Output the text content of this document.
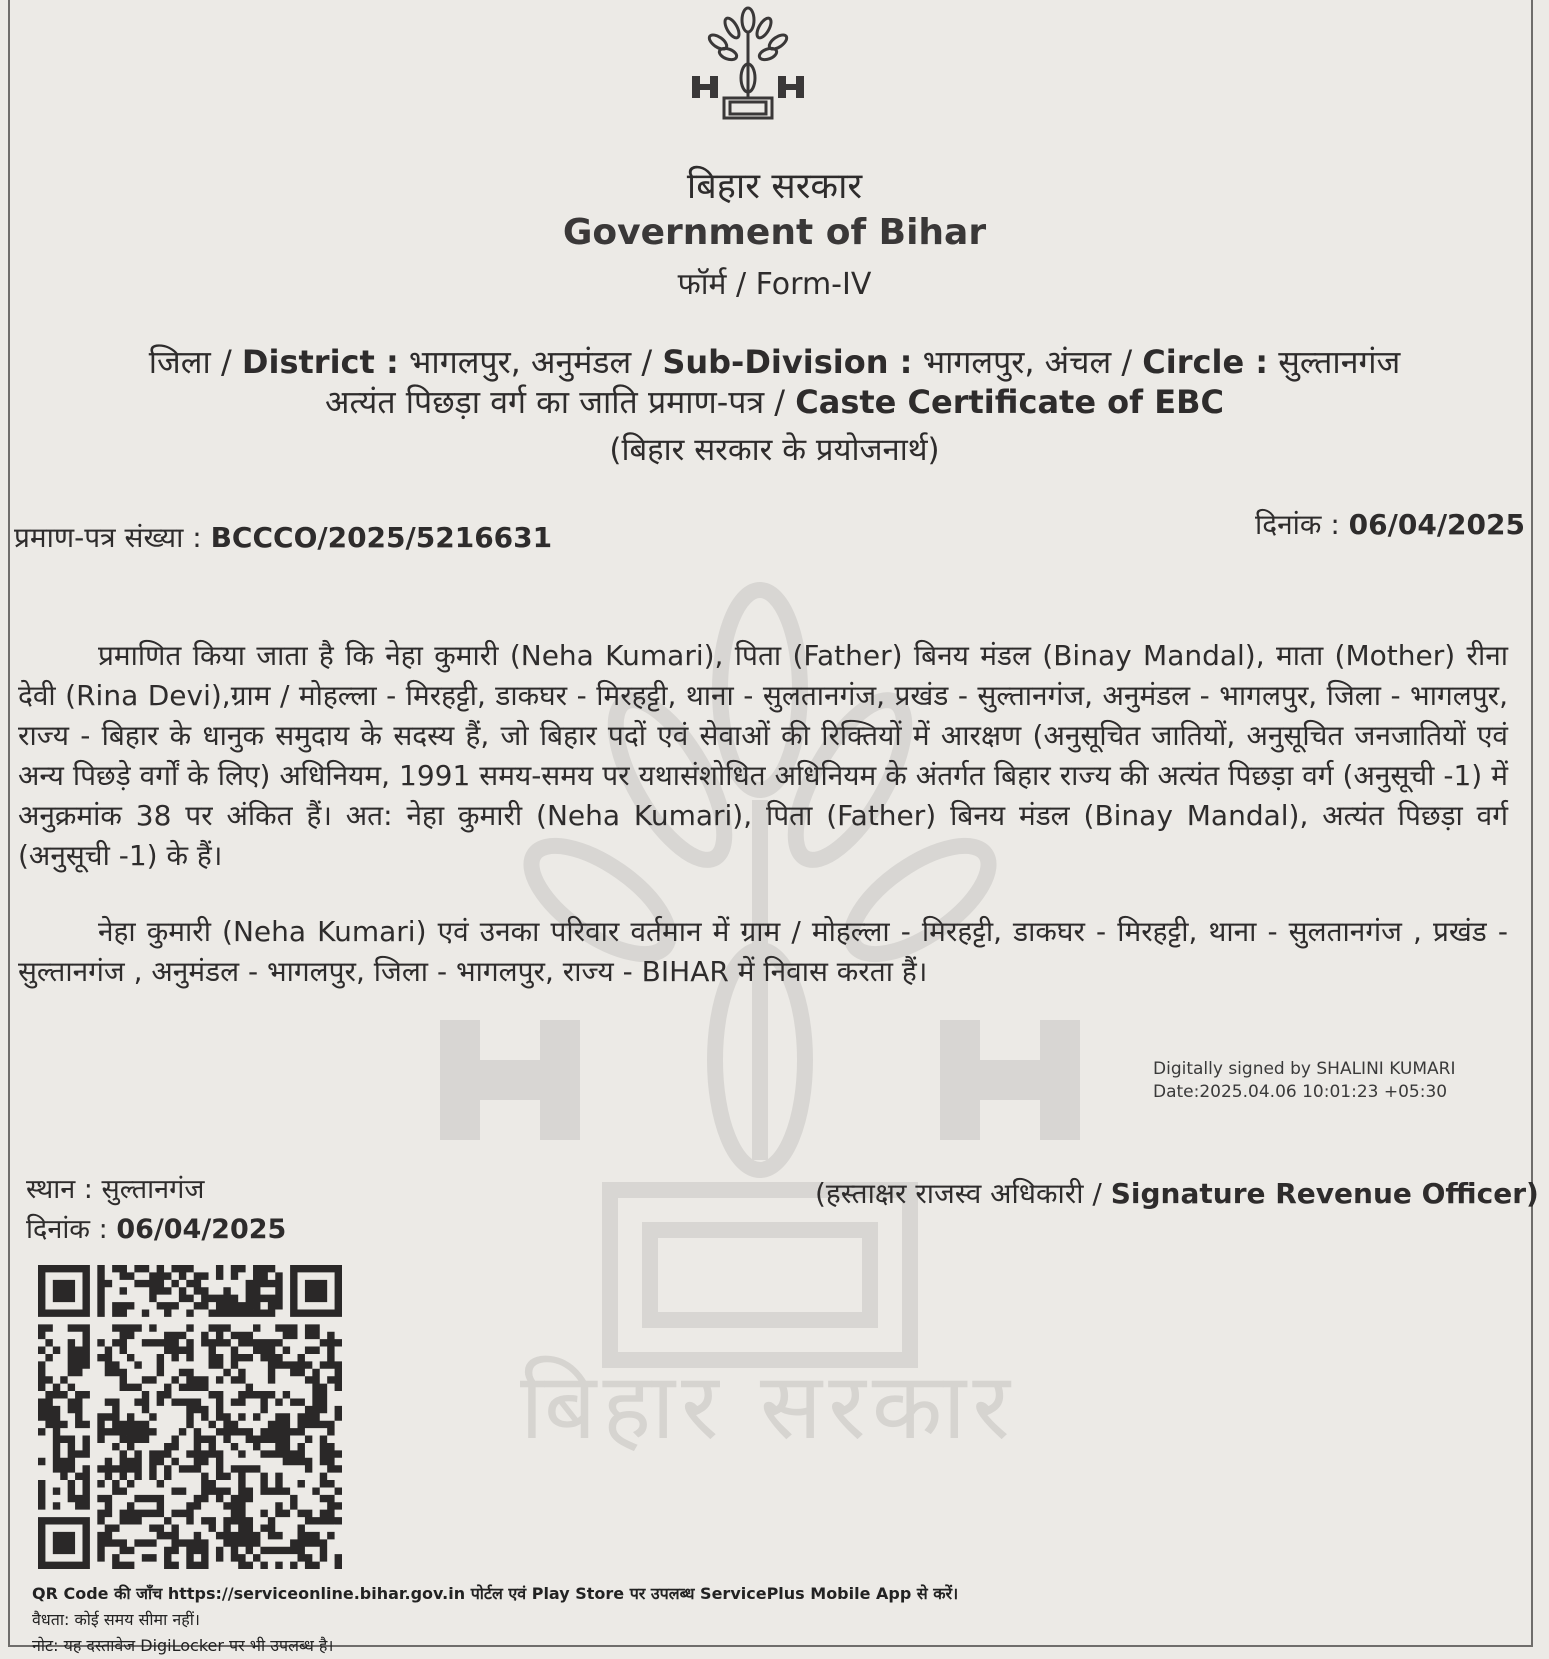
बिहार सरकार
बिहार सरकार
Government of Bihar
फॉर्म / Form-IV
जिला / District : भागलपुर, अनुमंडल / Sub-Division : भागलपुर, अंचल / Circle : सुल्तानगंज
अत्यंत पिछड़ा वर्ग का जाति प्रमाण-पत्र / Caste Certificate of EBC
(बिहार सरकार के प्रयोजनार्थ)
प्रमाण-पत्र संख्या : BCCCO/2025/5216631	दिनांक : 06/04/2025
प्रमाणित किया जाता है कि नेहा कुमारी (Neha Kumari), पिता (Father) बिनय मंडल (Binay Mandal), माता (Mother) रीना देवी (Rina Devi),ग्राम / मोहल्ला - मिरहट्टी, डाकघर - मिरहट्टी, थाना - सुलतानगंज, प्रखंड - सुल्तानगंज, अनुमंडल - भागलपुर, जिला - भागलपुर, राज्य - बिहार के धानुक समुदाय के सदस्य हैं, जो बिहार पदों एवं सेवाओं की रिक्तियों में आरक्षण (अनुसूचित जातियों, अनुसूचित जनजातियों एवं अन्य पिछड़े वर्गों के लिए) अधिनियम, 1991 समय-समय पर यथासंशोधित अधिनियम के अंतर्गत बिहार राज्य की अत्यंत पिछड़ा वर्ग (अनुसूची -1) में अनुक्रमांक 38 पर अंकित हैं। अत: नेहा कुमारी (Neha Kumari), पिता (Father) बिनय मंडल (Binay Mandal), अत्यंत पिछड़ा वर्ग (अनुसूची -1) के हैं।
नेहा कुमारी (Neha Kumari) एवं उनका परिवार वर्तमान में ग्राम / मोहल्ला - मिरहट्टी, डाकघर - मिरहट्टी, थाना - सुलतानगंज , प्रखंड - सुल्तानगंज , अनुमंडल - भागलपुर, जिला - भागलपुर, राज्य - BIHAR में निवास करता हैं।
Digitally signed by SHALINI KUMARI
Date:2025.04.06 10:01:23 +05:30
(हस्ताक्षर राजस्व अधिकारी / Signature Revenue Officer)
स्थान : सुल्तानगंज
दिनांक : 06/04/2025
QR Code की जाँच https://serviceonline.bihar.gov.in पोर्टल एवं Play Store पर उपलब्ध ServicePlus Mobile App से करें।
वैधता: कोई समय सीमा नहीं।
नोट: यह दस्तावेज DigiLocker पर भी उपलब्ध है।
